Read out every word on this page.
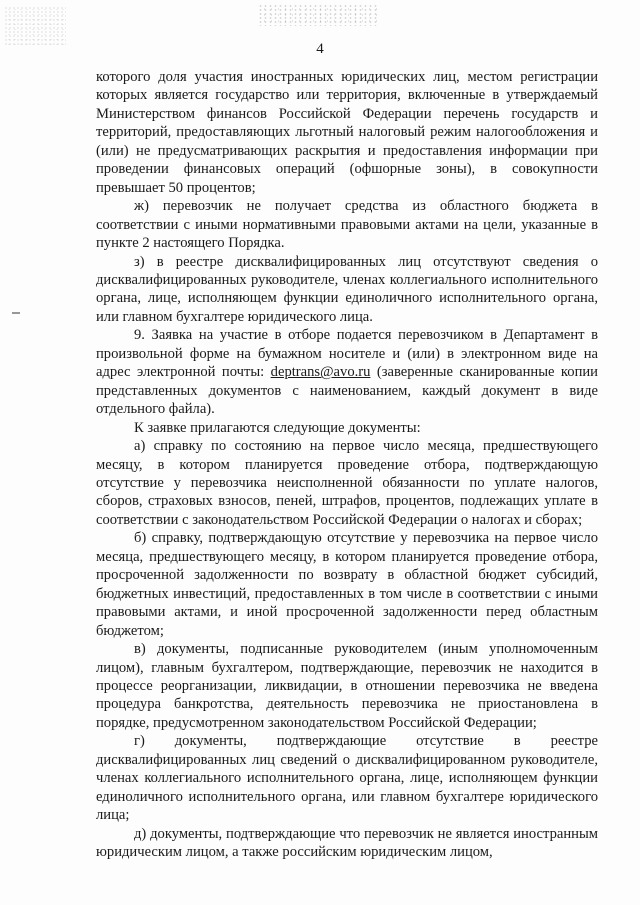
4

которого доля участия иностранных юридических лиц, местом регистрации которых является государство или территория, включенные в утверждаемый Министерством финансов Российской Федерации перечень государств и территорий, предоставляющих льготный налоговый режим налогообложения и (или) не предусматривающих раскрытия и предоставления информации при проведении финансовых операций (офшорные зоны), в совокупности превышает 50 процентов;

ж) перевозчик не получает средства из областного бюджета в соответствии с иными нормативными правовыми актами на цели, указанные в пункте 2 настоящего Порядка.

з) в реестре дисквалифицированных лиц отсутствуют сведения о дисквалифицированных руководителе, членах коллегиального исполнительного органа, лице, исполняющем функции единоличного исполнительного органа, или главном бухгалтере юридического лица.

9. Заявка на участие в отборе подается перевозчиком в Департамент в произвольной форме на бумажном носителе и (или) в электронном виде на адрес электронной почты: deptrans@avo.ru (заверенные сканированные копии представленных документов с наименованием, каждый документ в виде отдельного файла).

К заявке прилагаются следующие документы:

а) справку по состоянию на первое число месяца, предшествующего месяцу, в котором планируется проведение отбора, подтверждающую отсутствие у перевозчика неисполненной обязанности по уплате налогов, сборов, страховых взносов, пеней, штрафов, процентов, подлежащих уплате в соответствии с законодательством Российской Федерации о налогах и сборах;

б) справку, подтверждающую отсутствие у перевозчика на первое число месяца, предшествующего месяцу, в котором планируется проведение отбора, просроченной задолженности по возврату в областной бюджет субсидий, бюджетных инвестиций, предоставленных в том числе в соответствии с иными правовыми актами, и иной просроченной задолженности перед областным бюджетом;

в) документы, подписанные руководителем (иным уполномоченным лицом), главным бухгалтером, подтверждающие, перевозчик не находится в процессе реорганизации, ликвидации, в отношении перевозчика не введена процедура банкротства, деятельность перевозчика не приостановлена в порядке, предусмотренном законодательством Российской Федерации;

г) документы, подтверждающие отсутствие в реестре дисквалифицированных лиц сведений о дисквалифицированном руководителе, членах коллегиального исполнительного органа, лице, исполняющем функции единоличного исполнительного органа, или главном бухгалтере юридического лица;

д) документы, подтверждающие что перевозчик не является иностранным юридическим лицом, а также российским юридическим лицом,
